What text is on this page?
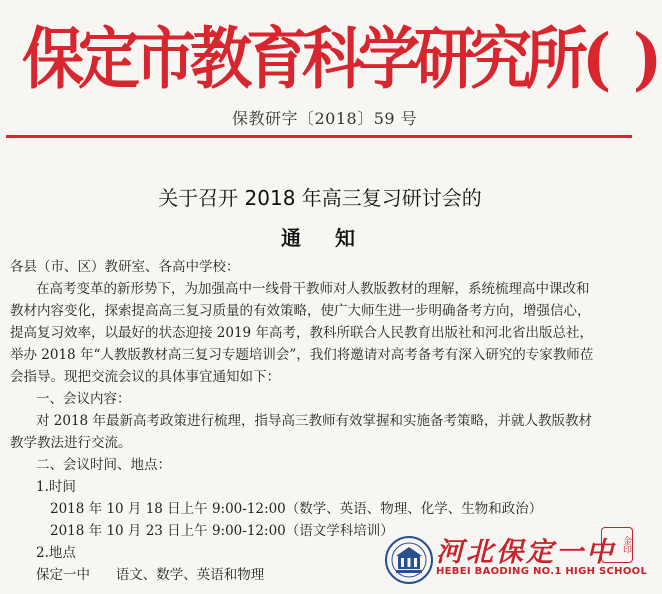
保定市教育科学研究所( )
保教研字〔2018〕59 号
关于召开 2018 年高三复习研讨会的
通知
各县（市、区）教研室、各高中学校：
在高考变革的新形势下，为加强高中一线骨干教师对人教版教材的理解，系统梳理高中课改和
教材内容变化，探索提高高三复习质量的有效策略，使广大师生进一步明确备考方向，增强信心，
提高复习效率，以最好的状态迎接 2019 年高考，教科所联合人民教育出版社和河北省出版总社，
举办 2018 年“人教版教材高三复习专题培训会”，我们将邀请对高考备考有深入研究的专家教师莅
会指导。现把交流会议的具体事宜通知如下：
一、会议内容：
对 2018 年最新高考政策进行梳理，指导高三教师有效掌握和实施备考策略，并就人教版教材
教学教法进行交流。
二、会议时间、地点：
1.时间
2018 年 10 月 18 日上午 9:00-12:00（数学、英语、物理、化学、生物和政治）
2018 年 10 月 23 日上午 9:00-12:00（语文学科培训）
2.地点
保定一中      语文、数学、英语和物理
河北保定一中
HEBEI BAODING NO.1 HIGH SCHOOL
金印
